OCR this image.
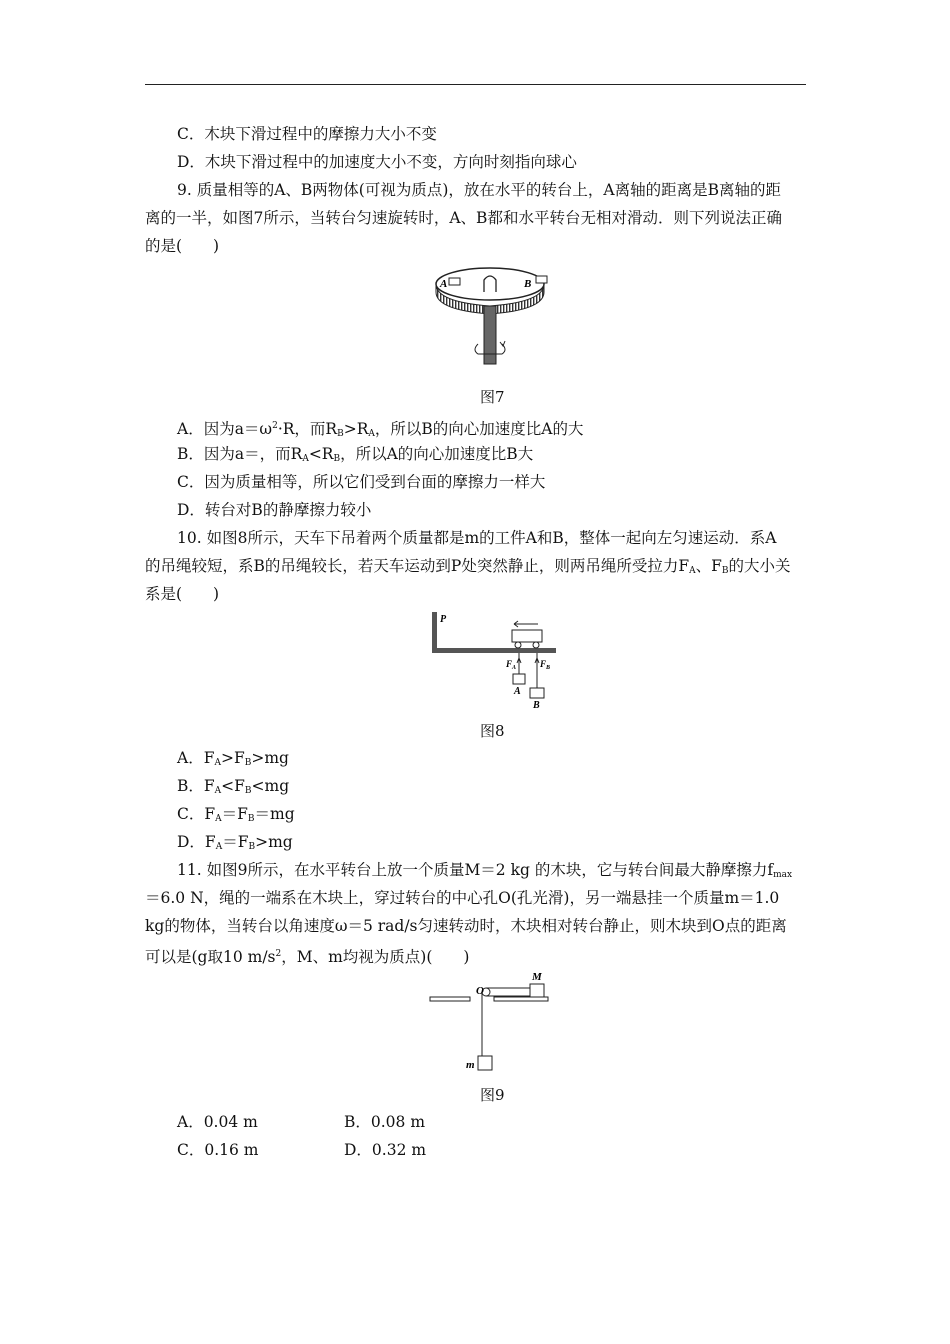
C．木块下滑过程中的摩擦力大小不变
D．木块下滑过程中的加速度大小不变，方向时刻指向球心
9. 质量相等的A、B两物体(可视为质点)，放在水平的转台上，A离轴的距离是B离轴的距
离的一半，如图7所示，当转台匀速旋转时，A、B都和水平转台无相对滑动．则下列说法正确
的是(　　)
A	B
图7
A．因为$a=\omega^2\cdot R$，而$R_B>R_A$，所以B的向心加速度比A的大
B．因为a＝，而$R_A<R_B$，所以A的向心加速度比B大
C．因为质量相等，所以它们受到台面的摩擦力一样大
D．转台对B的静摩擦力较小
10. 如图8所示，天车下吊着两个质量都是m的工件A和B，整体一起向左匀速运动．系A
的吊绳较短，系B的吊绳较长，若天车运动到P处突然静止，则两吊绳所受拉力$F_A$、$F_B$的大小关
系是(　　)
P
$F_A$	$F_B$
A
B
图8
A．$F_A>F_B>mg$
B．$F_A<F_B<mg$
C．$F_A=F_B=mg$
D．$F_A=F_B>mg$
11. 如图9所示，在水平转台上放一个质量M＝2 kg 的木块，它与转台间最大静摩擦力$f_{max}$
＝6.0 N，绳的一端系在木块上，穿过转台的中心孔O(孔光滑)，另一端悬挂一个质量m＝1.0
kg的物体，当转台以角速度ω＝5 rad/s匀速转动时，木块相对转台静止，则木块到O点的距离
可以是(g取10 $m/s^2$，M、m均视为质点)(　　)
O
M
m
图9
A．0.04 m	B．0.08 m
C．0.16 m	D．0.32 m
